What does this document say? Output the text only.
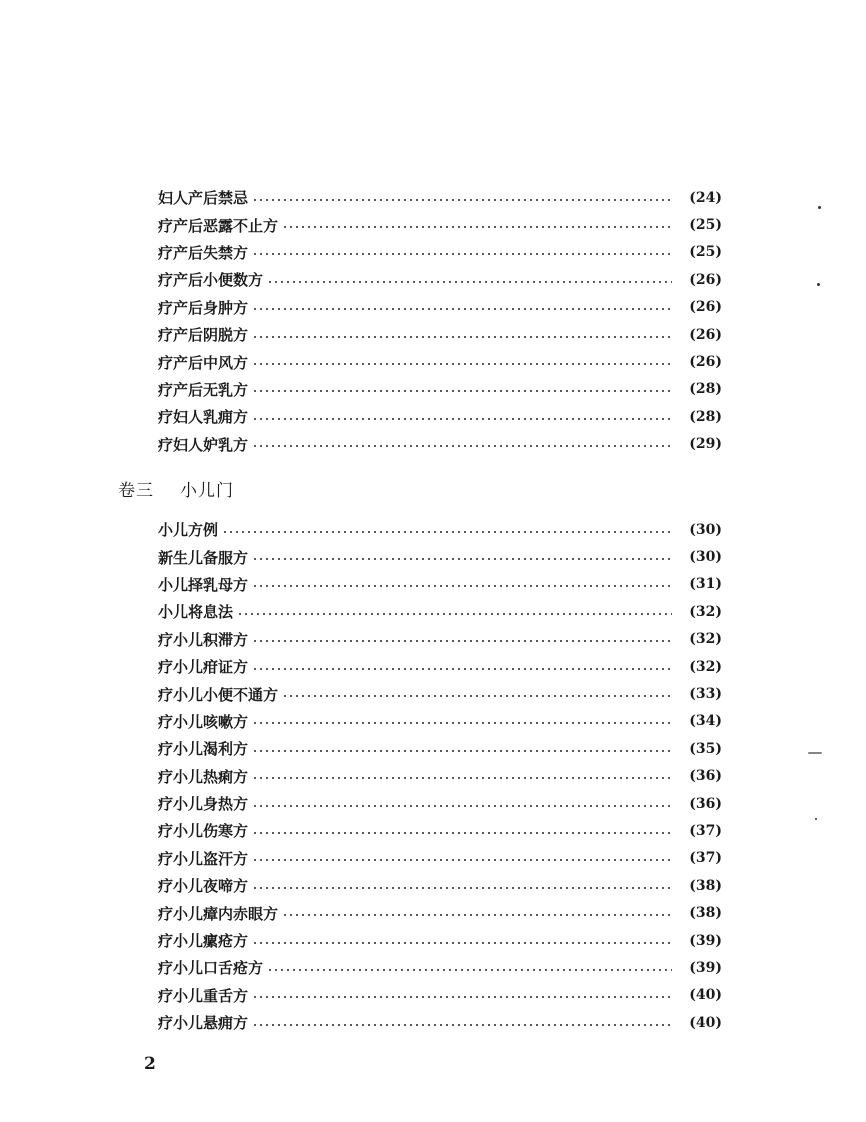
妇人产后禁忌	(24)
疗产后恶露不止方	(25)
疗产后失禁方	(25)
疗产后小便数方	(26)
疗产后身肿方	(26)
疗产后阴脱方	(26)
疗产后中风方	(26)
疗产后无乳方	(28)
疗妇人乳痈方	(28)
疗妇人妒乳方	(29)
卷三 小儿门
小儿方例	(30)
新生儿备服方	(30)
小儿择乳母方	(31)
小儿将息法	(32)
疗小儿积滞方	(32)
疗小儿疳证方	(32)
疗小儿小便不通方	(33)
疗小儿咳嗽方	(34)
疗小儿渴利方	(35)
疗小儿热痢方	(36)
疗小儿身热方	(36)
疗小儿伤寒方	(37)
疗小儿盗汗方	(37)
疗小儿夜啼方	(38)
疗小儿瘴内赤眼方	(38)
疗小儿瘰疮方	(39)
疗小儿口舌疮方	(39)
疗小儿重舌方	(40)
疗小儿悬痈方	(40)
2
